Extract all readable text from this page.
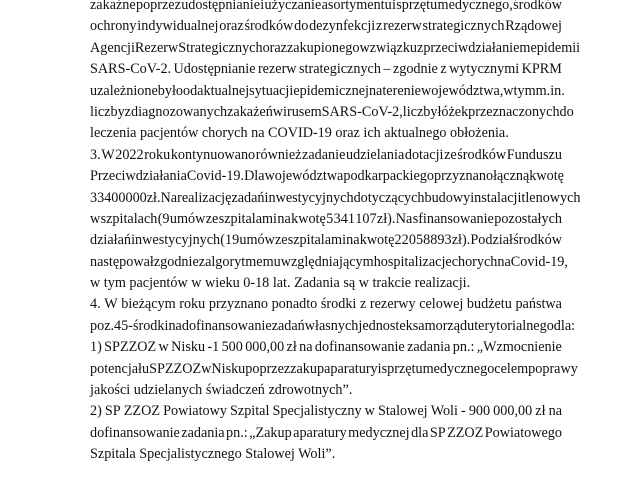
zakaźne poprzez udostępnianie i użyczanie asortymentu i sprzętu medycznego, środków
ochrony indywidualnej oraz środków do dezynfekcji z rezerw strategicznych Rządowej
Agencji Rezerw Strategicznych oraz zakupionego w związku z przeciwdziałaniem epidemii
SARS-CoV-2. Udostępnianie rezerw strategicznych – zgodnie z wytycznymi KPRM
uzależnione było od aktualnej sytuacji epidemicznej na terenie województwa, w tym m.in.
liczby zdiagnozowanych zakażeń wirusem SARS-CoV-2, liczby łóżek przeznaczonych do
leczenia pacjentów chorych na COVID-19 oraz ich aktualnego obłożenia.
3. W 2022 roku kontynuowano również zadanie udzielania dotacji ze środków Funduszu
Przeciwdziałania Covid-19. Dla województwa podkarpackiego przyznano łączną kwotę
33 400 000 zł. Na realizację zadań inwestycyjnych dotyczących budowy instalacji tlenowych
w szpitalach (9 umów ze szpitalami na kwotę 5 341 107 zł). Na sfinansowanie pozostałych
działań inwestycyjnych (19 umów ze szpitalami na kwotę 22 058 893 zł). Podział środków
następował zgodnie z algorytmem uwzględniającym hospitalizacje chorych na Covid-19,
w tym pacjentów w wieku 0-18 lat. Zadania są w trakcie realizacji.
4. W bieżącym roku przyznano ponadto środki z rezerwy celowej budżetu państwa
poz. 45 - środki na dofinansowanie zadań własnych jednostek samorządu terytorialnego dla:
1) SPZZOZ w Nisku -1 500 000,00 zł na dofinansowanie zadania pn.: „Wzmocnienie
potencjału SPZZOZ w Nisku poprzez zakup aparatury i sprzętu medycznego celem poprawy
jakości udzielanych świadczeń zdrowotnych”.
2) SP ZZOZ Powiatowy Szpital Specjalistyczny w Stalowej Woli - 900 000,00 zł na
dofinansowanie zadania pn.: „Zakup aparatury medycznej dla SP ZZOZ Powiatowego
Szpitala Specjalistycznego Stalowej Woli”.
